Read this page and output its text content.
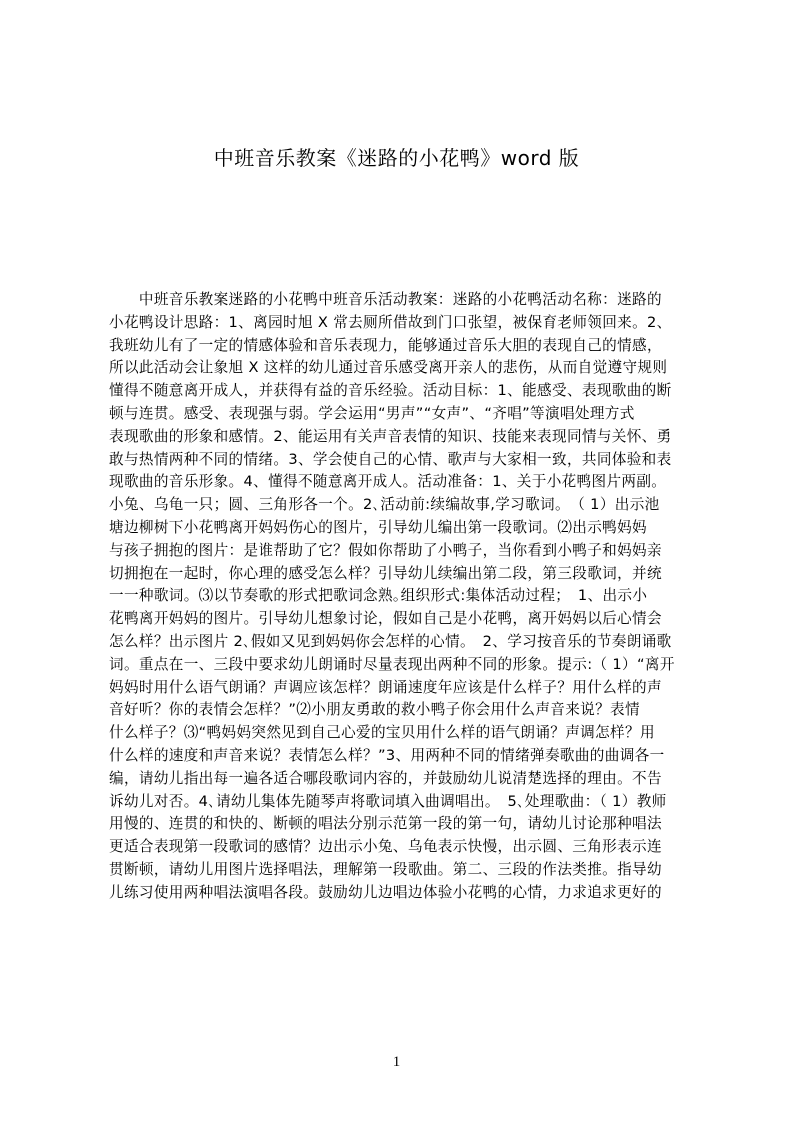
中班音乐教案《迷路的小花鸭》word 版
　　中班音乐教案迷路的小花鸭中班音乐活动教案：迷路的小花鸭活动名称：迷路的
小花鸭设计思路：1、离园时旭 X 常去厕所借故到门口张望，被保育老师领回来。2、
我班幼儿有了一定的情感体验和音乐表现力，能够通过音乐大胆的表现自己的情感，
所以此活动会让象旭 X 这样的幼儿通过音乐感受离开亲人的悲伤，从而自觉遵守规则
懂得不随意离开成人，并获得有益的音乐经验。活动目标：1、能感受、表现歌曲的断
顿与连贯。感受、表现强与弱。学会运用“男声”“女声”、“齐唱”等演唱处理方式
表现歌曲的形象和感情。2、能运用有关声音表情的知识、技能来表现同情与关怀、勇
敢与热情两种不同的情绪。3、学会使自己的心情、歌声与大家相一致，共同体验和表
现歌曲的音乐形象。4、懂得不随意离开成人。活动准备：1、关于小花鸭图片两副。
小兔、乌龟一只；圆、三角形各一个。2､活动前:续编故事,学习歌词。　（ 1）出示池
塘边柳树下小花鸭离开妈妈伤心的图片，引导幼儿编出第一段歌词。⑵出示鸭妈妈
与孩子拥抱的图片：是谁帮助了它？假如你帮助了小鸭子，当你看到小鸭子和妈妈亲
切拥抱在一起时，你心理的感受怎么样？引导幼儿续编出第二段，第三段歌词，并统
一一种歌词。⑶以节奏歌的形式把歌词念熟｡组织形式:集体活动过程；　1、出示小
花鸭离开妈妈的图片。引导幼儿想象讨论，假如自己是小花鸭，离开妈妈以后心情会
怎么样？出示图片 2､假如又见到妈妈你会怎样的心情。　2、学习按音乐的节奏朗诵歌
词。重点在一、三段中要求幼儿朗诵时尽量表现出两种不同的形象。提示:（ 1）“离开
妈妈时用什么语气朗诵？声调应该怎样？朗诵速度年应该是什么样子？用什么样的声
音好听？你的表情会怎样？”⑵小朋友勇敢的救小鸭子你会用什么声音来说？表情
什么样子？⑶“鸭妈妈突然见到自己心爱的宝贝用什么样的语气朗诵？声调怎样？用
什么样的速度和声音来说？表情怎么样？”3、用两种不同的情绪弹奏歌曲的曲调各一
编，请幼儿指出每一遍各适合哪段歌词内容的，并鼓励幼儿说清楚选择的理由。不告
诉幼儿对否。4､请幼儿集体先随琴声将歌词填入曲调唱出。　5､处理歌曲：（ 1）教师
用慢的、连贯的和快的、断顿的唱法分别示范第一段的第一句，请幼儿讨论那种唱法
更适合表现第一段歌词的感情？边出示小兔、乌龟表示快慢，出示圆、三角形表示连
贯断顿，请幼儿用图片选择唱法，理解第一段歌曲。第二、三段的作法类推。指导幼
儿练习使用两种唱法演唱各段。鼓励幼儿边唱边体验小花鸭的心情，力求追求更好的
1
